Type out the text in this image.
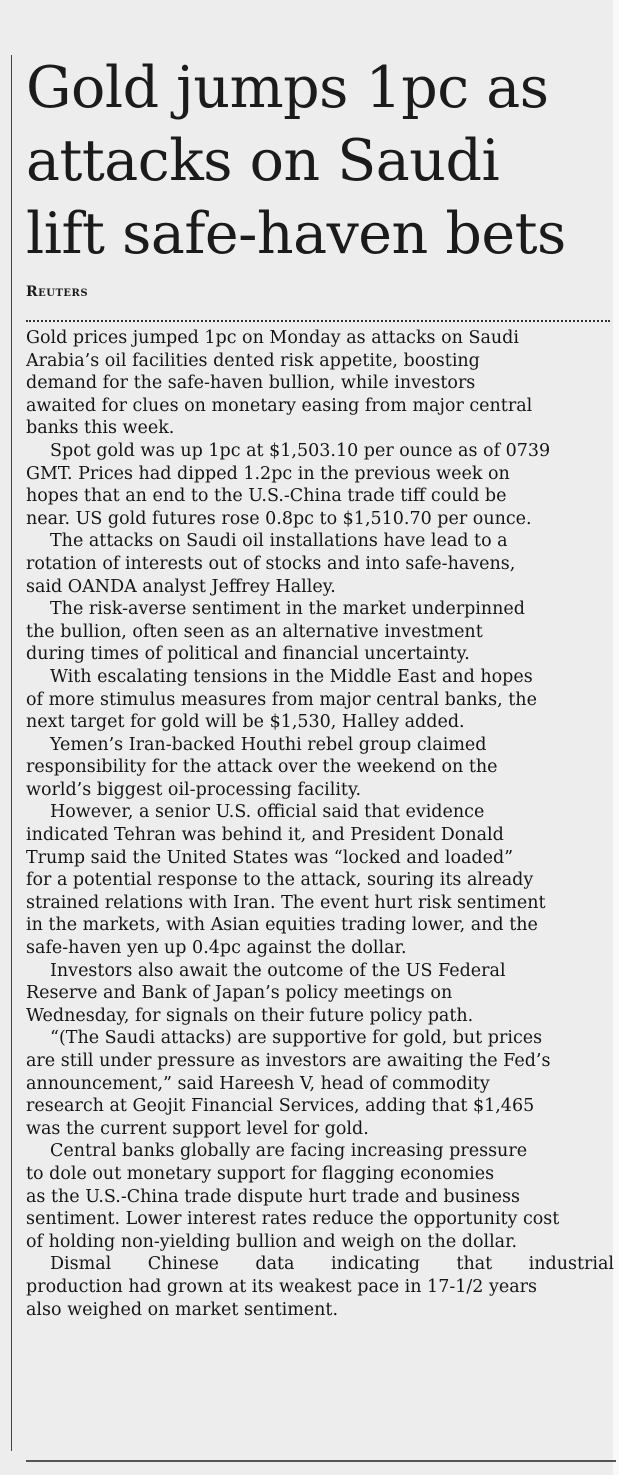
Gold jumps 1pc as
attacks on Saudi
lift safe-haven bets
Reuters
Gold prices jumped 1pc on Monday as attacks on Saudi
Arabia’s oil facilities dented risk appetite, boosting
demand for the safe-haven bullion, while investors
awaited for clues on monetary easing from major central
banks this week.
Spot gold was up 1pc at $1,503.10 per ounce as of 0739
GMT. Prices had dipped 1.2pc in the previous week on
hopes that an end to the U.S.-China trade tiff could be
near. US gold futures rose 0.8pc to $1,510.70 per ounce.
The attacks on Saudi oil installations have lead to a
rotation of interests out of stocks and into safe-havens,
said OANDA analyst Jeffrey Halley.
The risk-averse sentiment in the market underpinned
the bullion, often seen as an alternative investment
during times of political and financial uncertainty.
With escalating tensions in the Middle East and hopes
of more stimulus measures from major central banks, the
next target for gold will be $1,530, Halley added.
Yemen’s Iran-backed Houthi rebel group claimed
responsibility for the attack over the weekend on the
world’s biggest oil-processing facility.
However, a senior U.S. official said that evidence
indicated Tehran was behind it, and President Donald
Trump said the United States was “locked and loaded”
for a potential response to the attack, souring its already
strained relations with Iran. The event hurt risk sentiment
in the markets, with Asian equities trading lower, and the
safe-haven yen up 0.4pc against the dollar.
Investors also await the outcome of the US Federal
Reserve and Bank of Japan’s policy meetings on
Wednesday, for signals on their future policy path.
“(The Saudi attacks) are supportive for gold, but prices
are still under pressure as investors are awaiting the Fed’s
announcement,” said Hareesh V, head of commodity
research at Geojit Financial Services, adding that $1,465
was the current support level for gold.
Central banks globally are facing increasing pressure
to dole out monetary support for flagging economies
as the U.S.-China trade dispute hurt trade and business
sentiment. Lower interest rates reduce the opportunity cost
of holding non-yielding bullion and weigh on the dollar.
Dismal Chinese data indicating that industrial
production had grown at its weakest pace in 17-1/2 years
also weighed on market sentiment.
